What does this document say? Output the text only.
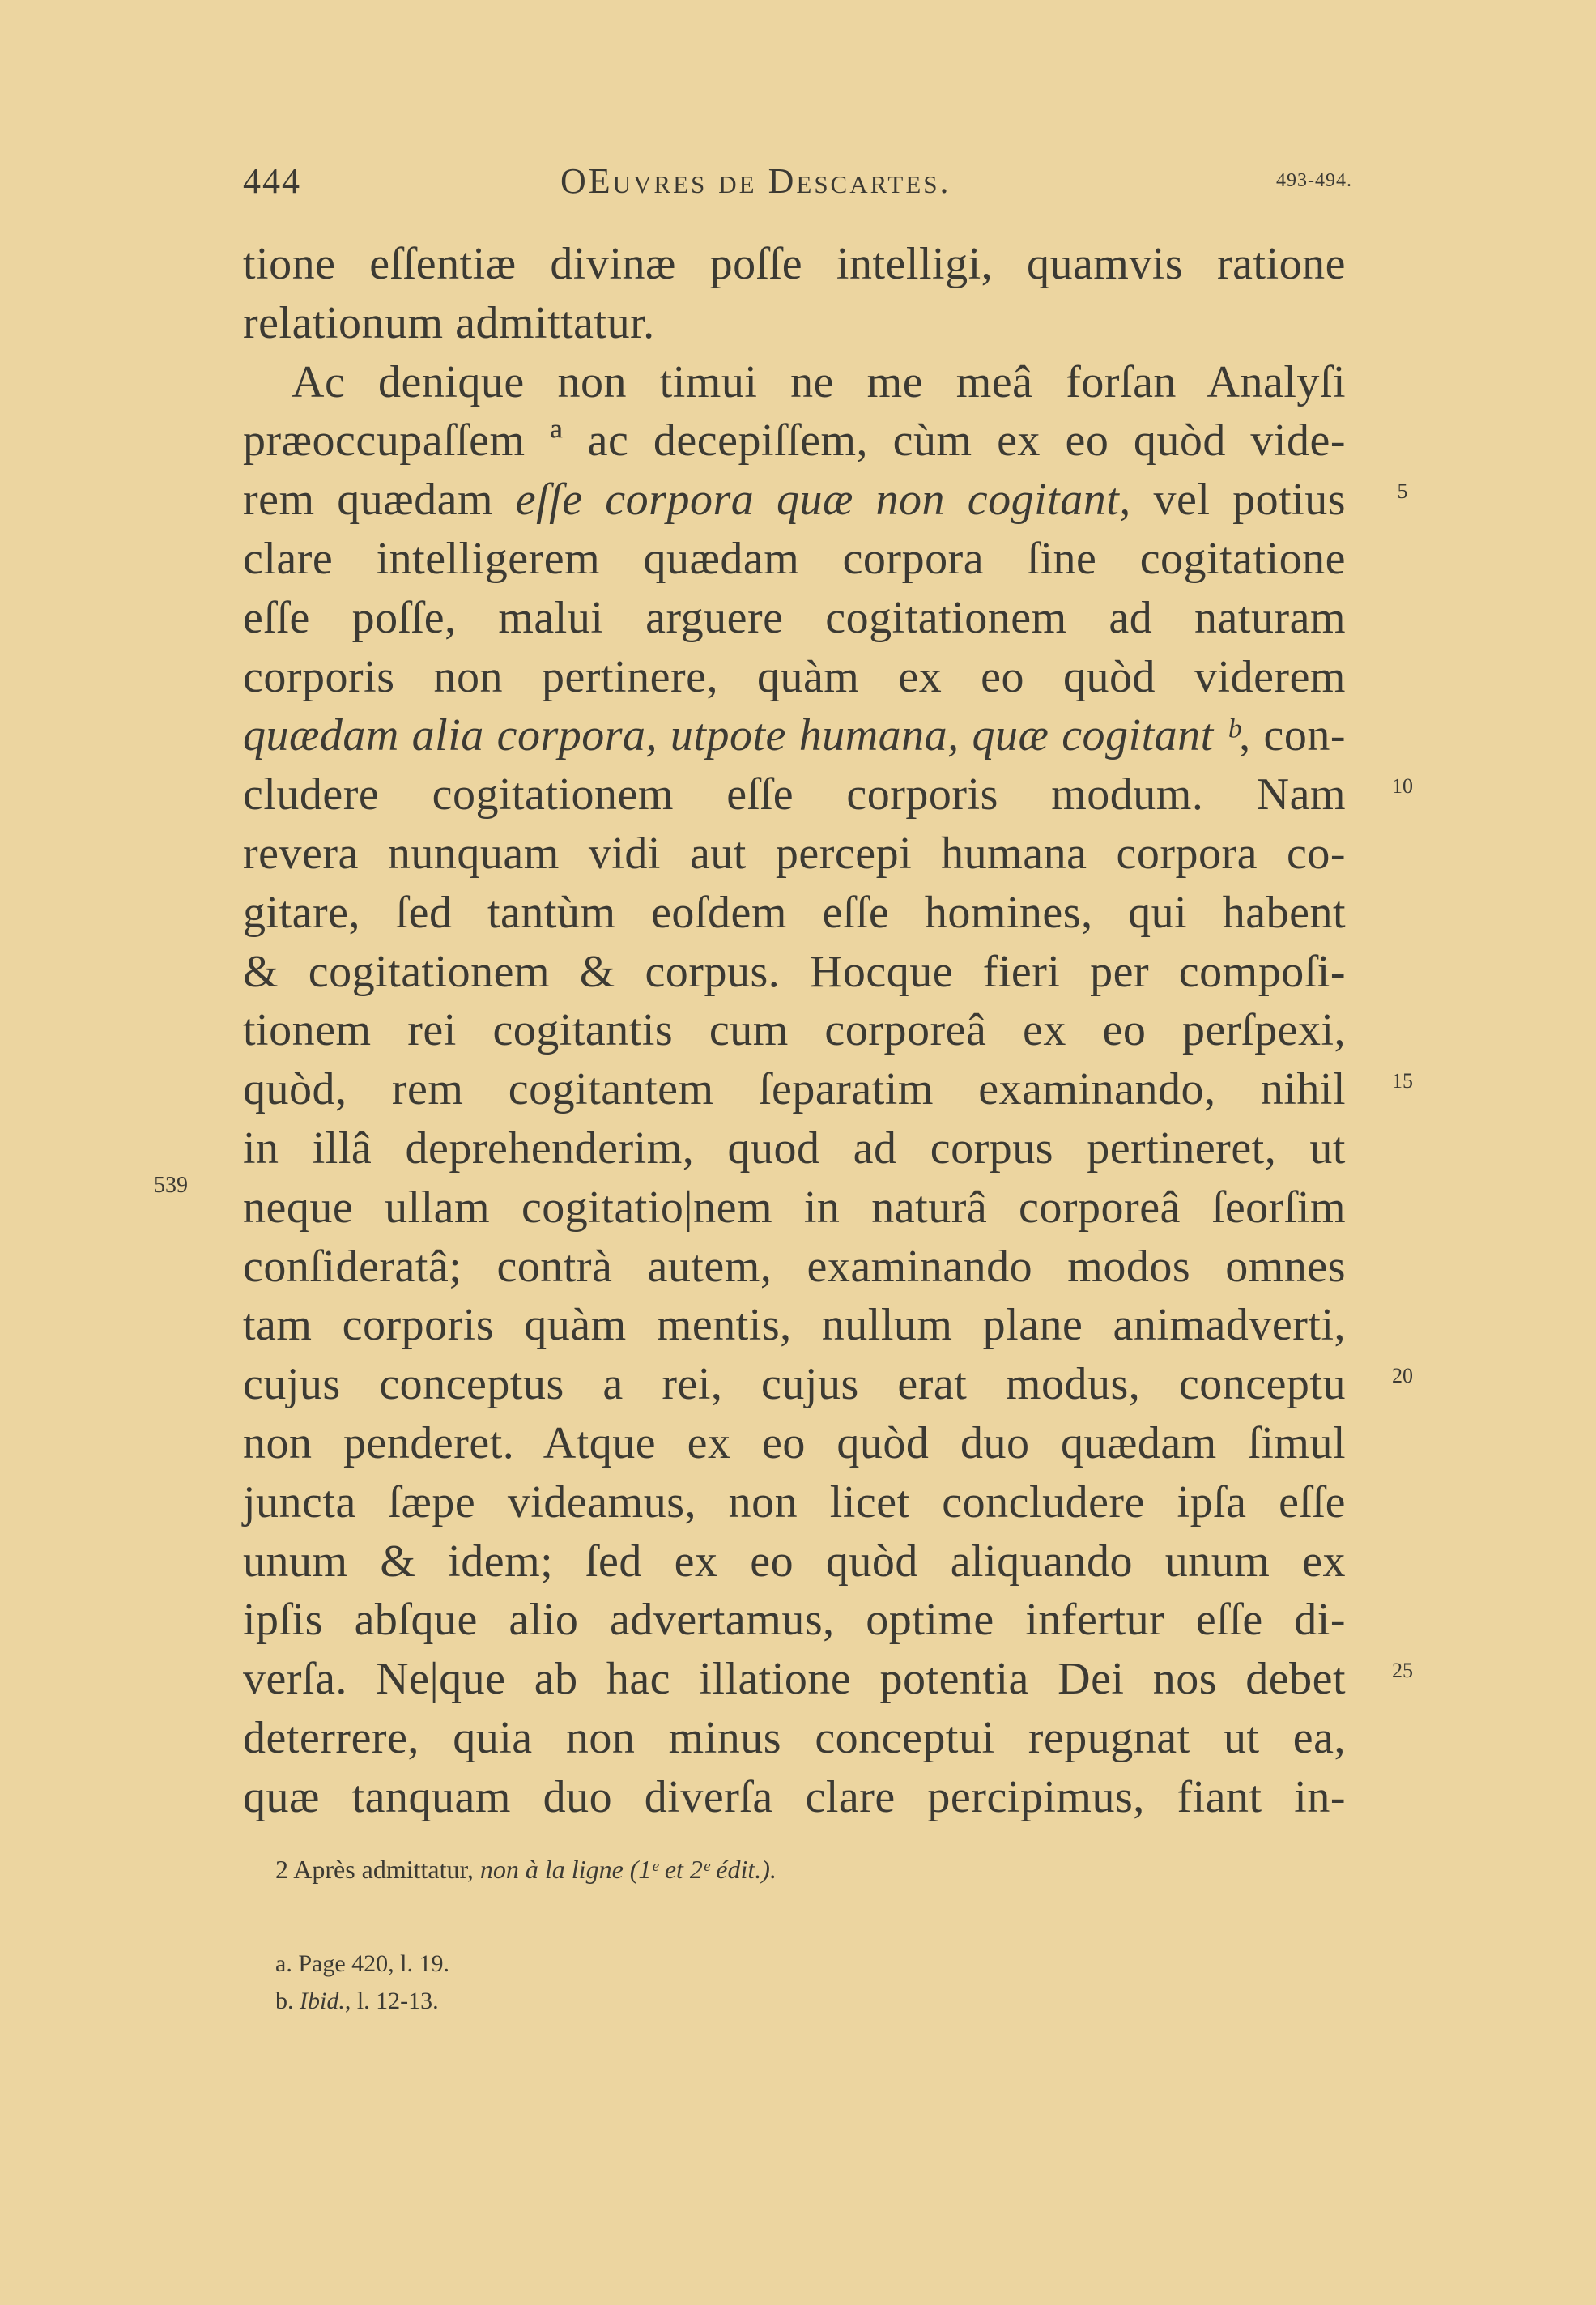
444	OEuvres de Descartes.	493-494.
tione eſſentiæ divinæ poſſe intelligi, quamvis ratione
relationum admittatur.
Ac denique non timui ne me meâ forſan Analyſi
præoccupaſſem ª ac decepiſſem, cùm ex eo quòd vide-
rem quædam eſſe corpora quæ non cogitant, vel potius
clare intelligerem quædam corpora ſine cogitatione
eſſe poſſe, malui arguere cogitationem ad naturam
corporis non pertinere, quàm ex eo quòd viderem
quædam alia corpora, utpote humana, quæ cogitant ᵇ, con-
cludere cogitationem eſſe corporis modum. Nam
revera nunquam vidi aut percepi humana corpora co-
gitare, ſed tantùm eoſdem eſſe homines, qui habent
& cogitationem & corpus. Hocque fieri per compoſi-
tionem rei cogitantis cum corporeâ ex eo perſpexi,
quòd, rem cogitantem ſeparatim examinando, nihil
in illâ deprehenderim, quod ad corpus pertineret, ut
neque ullam cogitatio|nem in naturâ corporeâ ſeorſim
conſideratâ; contrà autem, examinando modos omnes
tam corporis quàm mentis, nullum plane animadverti,
cujus conceptus a rei, cujus erat modus, conceptu
non penderet. Atque ex eo quòd duo quædam ſimul
juncta ſæpe videamus, non licet concludere ipſa eſſe
unum & idem; ſed ex eo quòd aliquando unum ex
ipſis abſque alio advertamus, optime infertur eſſe di-
verſa. Ne|que ab hac illatione potentia Dei nos debet
deterrere, quia non minus conceptui repugnat ut ea,
quæ tanquam duo diverſa clare percipimus, fiant in-
5
10
15
20
25
539
2 Après admittatur, non à la ligne (1ᵉ et 2ᵉ édit.).
a. Page 420, l. 19.
b. Ibid., l. 12-13.
